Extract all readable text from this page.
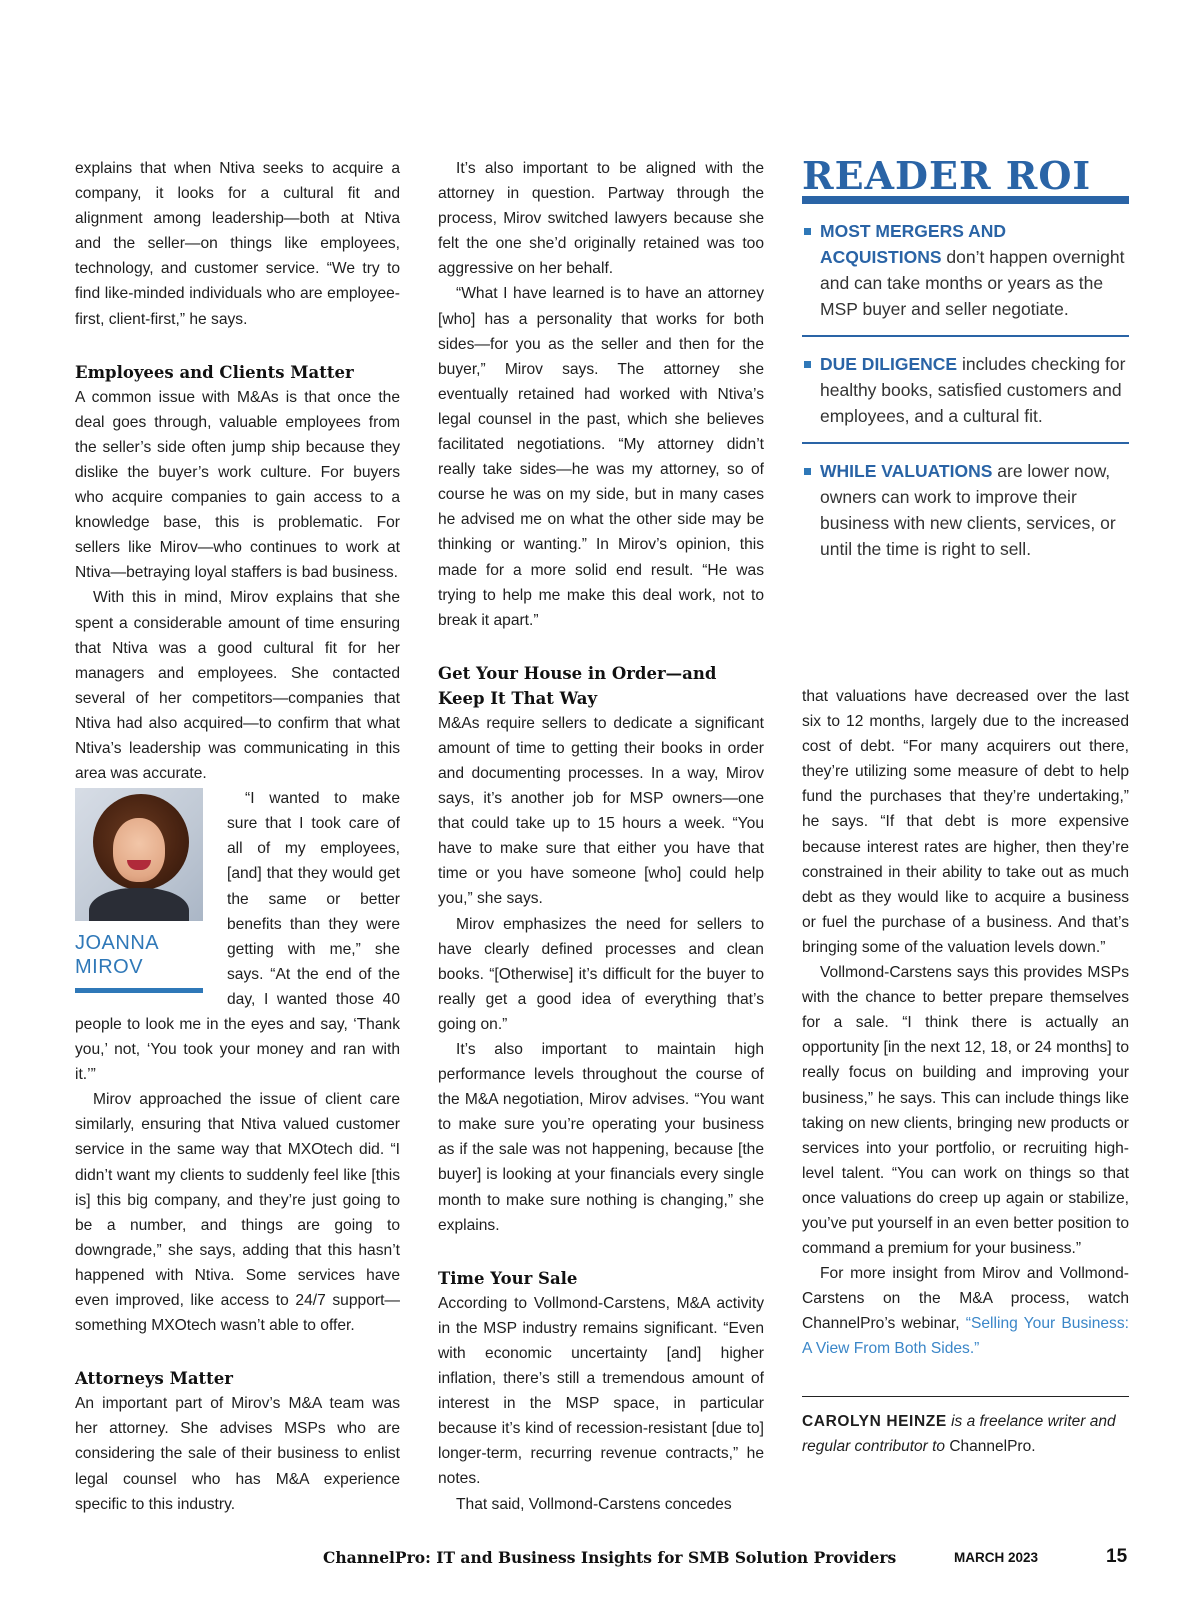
explains that when Ntiva seeks to acquire a company, it looks for a cultural fit and alignment among leadership—both at Ntiva and the seller—on things like employees, technology, and customer service. “We try to find like-minded individuals who are employee-first, client-first,” he says.

Employees and Clients Matter

A common issue with M&As is that once the deal goes through, valuable employees from the seller’s side often jump ship because they dislike the buyer’s work culture. For buyers who acquire companies to gain access to a knowledge base, this is problematic. For sellers like Mirov—who continues to work at Ntiva—betraying loyal staffers is bad business.

With this in mind, Mirov explains that she spent a considerable amount of time ensuring that Ntiva was a good cultural fit for her managers and employees. She contacted several of her competitors—companies that Ntiva had also acquired—to confirm that what Ntiva’s leadership was communicating in this area was accurate.

JOANNA
MIROV

“I wanted to make sure that I took care of all of my employees, [and] that they would get the same or better benefits than they were getting with me,” she says. “At the end of the day, I wanted those 40 people to look me in the eyes and say, ‘Thank you,’ not, ‘You took your money and ran with it.’”

Mirov approached the issue of client care similarly, ensuring that Ntiva valued customer service in the same way that MXOtech did. “I didn’t want my clients to suddenly feel like [this is] this big company, and they’re just going to be a number, and things are going to downgrade,” she says, adding that this hasn’t happened with Ntiva. Some services have even improved, like access to 24/7 support—something MXOtech wasn’t able to offer.

Attorneys Matter

An important part of Mirov’s M&A team was her attorney. She advises MSPs who are considering the sale of their business to enlist legal counsel who has M&A experience specific to this industry.

It’s also important to be aligned with the attorney in question. Partway through the process, Mirov switched lawyers because she felt the one she’d originally retained was too aggressive on her behalf.

“What I have learned is to have an attorney [who] has a personality that works for both sides—for you as the seller and then for the buyer,” Mirov says. The attorney she eventually retained had worked with Ntiva’s legal counsel in the past, which she believes facilitated negotiations. “My attorney didn’t really take sides—he was my attorney, so of course he was on my side, but in many cases he advised me on what the other side may be thinking or wanting.” In Mirov’s opinion, this made for a more solid end result. “He was trying to help me make this deal work, not to break it apart.”

Get Your House in Order—and Keep It That Way

M&As require sellers to dedicate a significant amount of time to getting their books in order and documenting processes. In a way, Mirov says, it’s another job for MSP owners—one that could take up to 15 hours a week. “You have to make sure that either you have that time or you have someone [who] could help you,” she says.

Mirov emphasizes the need for sellers to have clearly defined processes and clean books. “[Otherwise] it’s difficult for the buyer to really get a good idea of everything that’s going on.”

It’s also important to maintain high performance levels throughout the course of the M&A negotiation, Mirov advises. “You want to make sure you’re operating your business as if the sale was not happening, because [the buyer] is looking at your financials every single month to make sure nothing is changing,” she explains.

Time Your Sale

According to Vollmond-Carstens, M&A activity in the MSP industry remains significant. “Even with economic uncertainty [and] higher inflation, there’s still a tremendous amount of interest in the MSP space, in particular because it’s kind of recession-resistant [due to] longer-term, recurring revenue contracts,” he notes.

That said, Vollmond-Carstens concedes

READER ROI
MOST MERGERS AND ACQUISTIONS don’t happen overnight and can take months or years as the MSP buyer and seller negotiate.
DUE DILIGENCE includes checking for healthy books, satisfied customers and employees, and a cultural fit.
WHILE VALUATIONS are lower now, owners can work to improve their business with new clients, services, or until the time is right to sell.

that valuations have decreased over the last six to 12 months, largely due to the increased cost of debt. “For many acquirers out there, they’re utilizing some measure of debt to help fund the purchases that they’re undertaking,” he says. “If that debt is more expensive because interest rates are higher, then they’re constrained in their ability to take out as much debt as they would like to acquire a business or fuel the purchase of a business. And that’s bringing some of the valuation levels down.”

Vollmond-Carstens says this provides MSPs with the chance to better prepare themselves for a sale. “I think there is actually an opportunity [in the next 12, 18, or 24 months] to really focus on building and improving your business,” he says. This can include things like taking on new clients, bringing new products or services into your portfolio, or recruiting high-level talent. “You can work on things so that once valuations do creep up again or stabilize, you’ve put yourself in an even better position to command a premium for your business.”

For more insight from Mirov and Vollmond-Carstens on the M&A process, watch ChannelPro’s webinar, “Selling Your Business: A View From Both Sides.”

CAROLYN HEINZE is a freelance writer and regular contributor to ChannelPro.
ChannelPro: IT and Business Insights for SMB Solution Providers	MARCH 2023	15
